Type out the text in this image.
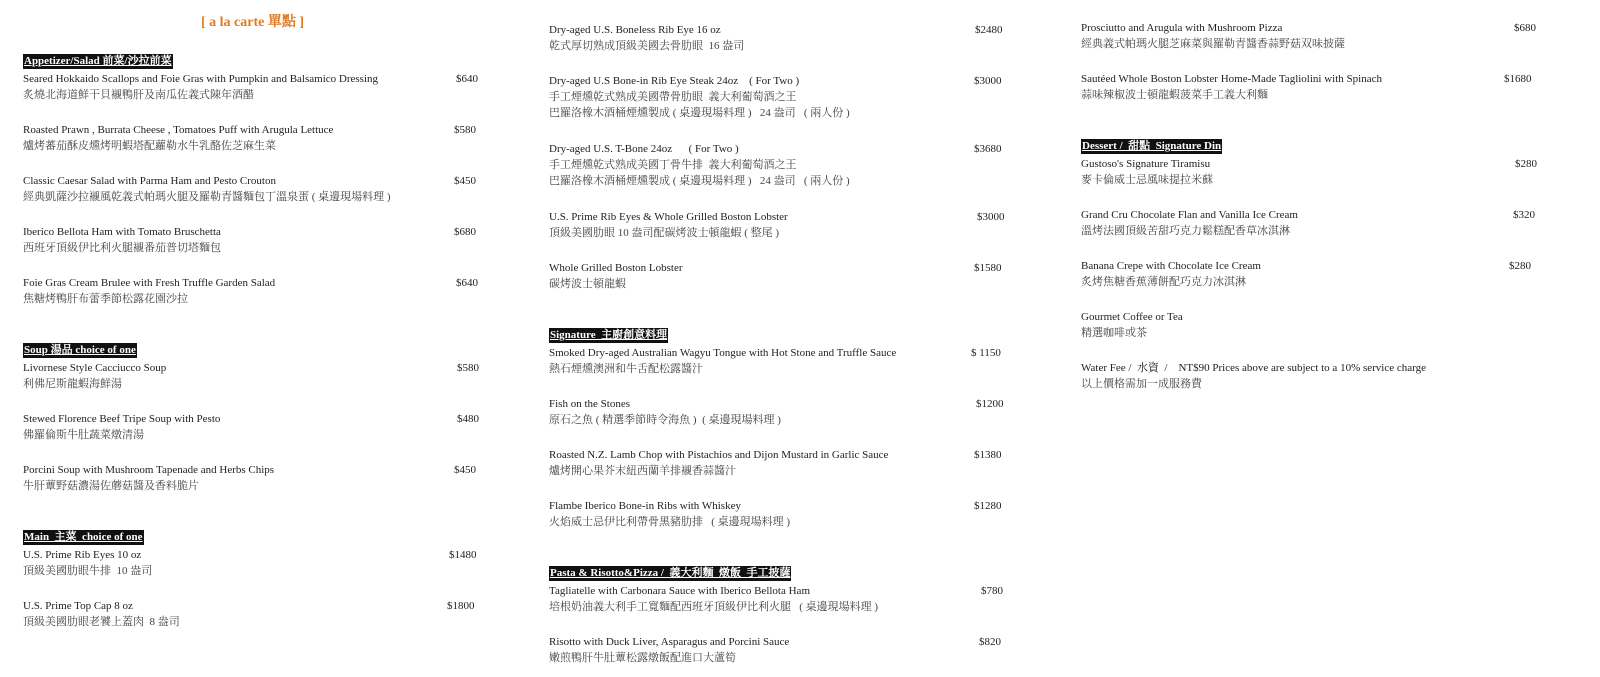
[ a la carte 單點 ]
Appetizer/Salad 前菜/沙拉前菜
Seared Hokkaido Scallops and Foie Gras with Pumpkin and Balsamico Dressing
炙燒北海道鮮干貝襯鴨肝及南瓜佐義式陳年酒醋
$640
Roasted Prawn , Burrata Cheese , Tomatoes Puff with Arugula Lettuce
爐烤蕃茄酥皮燻烤明蝦塔配蘿勒水牛乳酪佐芝麻生菜
$580
Classic Caesar Salad with Parma Ham and Pesto Crouton
經典凱薩沙拉襯風乾義式帕瑪火腿及羅勒青醬麵包丁溫泉蛋 ( 桌邊現場料理 )
$450
Iberico Bellota Ham with Tomato Bruschetta
西班牙頂級伊比利火腿襯番茄普切塔麵包
$680
Foie Gras Cream Brulee with Fresh Truffle Garden Salad
焦糖烤鴨肝布蕾季節松露花園沙拉
$640
Soup 湯品 choice of one
Livornese Style Cacciucco Soup
利佛尼斯龍蝦海鮮湯
$580
Stewed Florence Beef Tripe Soup with Pesto
佛羅倫斯牛肚蔬菜燉清湯
$480
Porcini Soup with Mushroom Tapenade and Herbs Chips
牛肝蕈野菇濃湯佐蘑菇醬及香料脆片
$450
Main  主菜  choice of one
U.S. Prime Rib Eyes 10 oz
頂級美國肋眼牛排  10 盎司
$1480
U.S. Prime Top Cap 8 oz
頂級美國肋眼老饕上蓋肉  8 盎司
$1800
Dry-aged U.S. Boneless Rib Eye 16 oz
乾式厚切熟成頂級美國去骨肋眼  16 盎司
$2480
Dry-aged U.S Bone-in Rib Eye Steak 24oz    ( For Two )
手工煙燻乾式熟成美國帶骨肋眼  義大利葡萄酒之王
巴羅洛橡木酒桶煙燻製成 ( 桌邊現場料理 )   24 盎司   ( 兩人份 )
$3000
Dry-aged U.S. T-Bone 24oz      ( For Two )
手工煙燻乾式熟成美國丁骨牛排  義大利葡萄酒之王
巴羅洛橡木酒桶煙燻製成 ( 桌邊現場料理 )   24 盎司   ( 兩人份 )
$3680
U.S. Prime Rib Eyes & Whole Grilled Boston Lobster
頂級美國肋眼 10 盎司配碳烤波士頓龍蝦 ( 整尾 )
$3000
Whole Grilled Boston Lobster
碳烤波士頓龍蝦
$1580
Signature  主廚創意料理
Smoked Dry-aged Australian Wagyu Tongue with Hot Stone and Truffle Sauce
熱石煙燻澳洲和牛舌配松露醬汁
$ 1150
Fish on the Stones
原石之魚 ( 精選季節時令海魚 )  ( 桌邊現場料理 )
$1200
Roasted N.Z. Lamb Chop with Pistachios and Dijon Mustard in Garlic Sauce
爐烤開心果芥末紐西蘭羊排襯香蒜醬汁
$1380
Flambe Iberico Bone-in Ribs with Whiskey
火焰威士忌伊比利帶骨黑豬肋排   ( 桌邊現場料理 )
$1280
Pasta & Risotto&Pizza /  義大利麵  燉飯  手工披薩
Tagliatelle with Carbonara Sauce with Iberico Bellota Ham
培根奶油義大利手工寬麵配西班牙頂級伊比利火腿   ( 桌邊現場料理 )
$780
Risotto with Duck Liver, Asparagus and Porcini Sauce
嫩煎鴨肝牛肚蕈松露燉飯配進口大蘆筍
$820
Prosciutto and Arugula with Mushroom Pizza
經典義式帕瑪火腿芝麻菜與羅勒青醬香蒜野菇双味披薩
$680
Sautéed Whole Boston Lobster Home-Made Tagliolini with Spinach
蒜味辣椒波士頓龍蝦菠菜手工義大利麵
$1680
Dessert /  甜點  Signature Din
Gustoso's Signature Tiramisu
麥卡倫威士忌風味提拉米蘇
$280
Grand Cru Chocolate Flan and Vanilla Ice Cream
溫烤法國頂級苦甜巧克力鬆糕配香草冰淇淋
$320
Banana Crepe with Chocolate Ice Cream
炙烤焦糖香蕉薄餅配巧克力冰淇淋
$280
Gourmet Coffee or Tea
精選咖啡或茶
Water Fee /  水資  /    NT$90 Prices above are subject to a 10% service charge
以上價格需加一成服務費
